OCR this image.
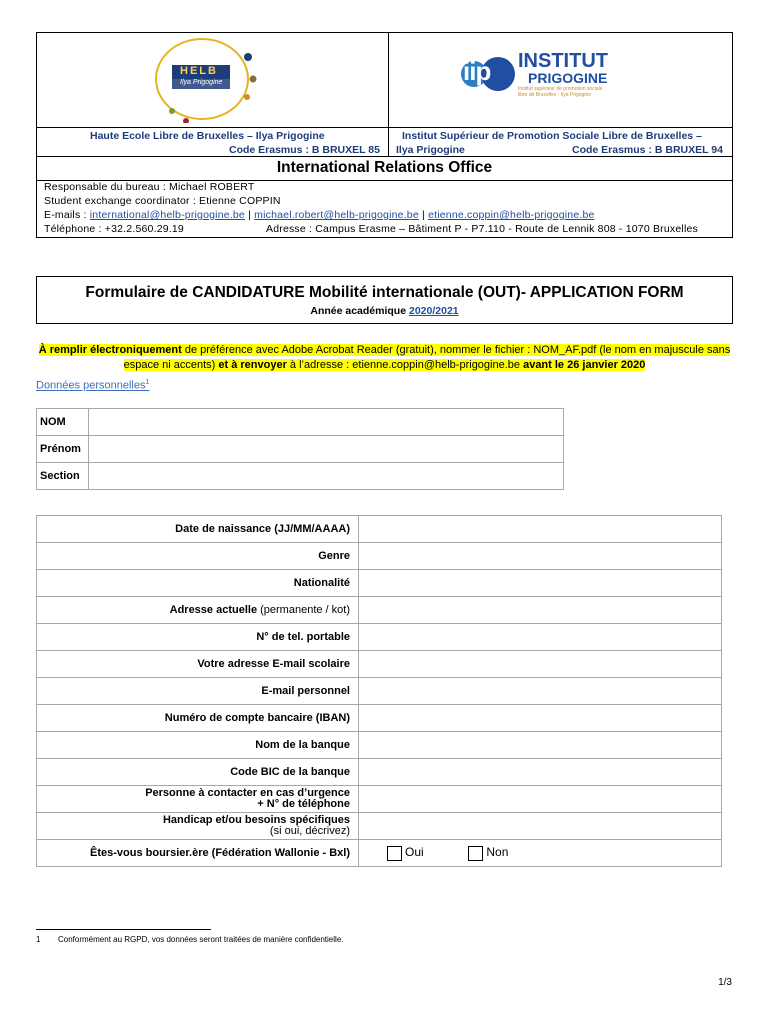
HELB
Ilya Prigogine	iip INSTITUT
PRIGOGINE
Institut supérieur de promotion sociale
libre de Bruxelles - Ilya Prigogine
Haute Ecole Libre de Bruxelles – Ilya Prigogine
Code Erasmus : B BRUXEL 85
Institut Supérieur de Promotion Sociale Libre de Bruxelles –
Ilya Prigogine	Code Erasmus : B BRUXEL 94
International Relations Office
Responsable du bureau : Michael ROBERT
Student exchange coordinator : Etienne COPPIN
E-mails : international@helb-prigogine.be | michael.robert@helb-prigogine.be | etienne.coppin@helb-prigogine.be
Téléphone : +32.2.560.29.19	Adresse : Campus Erasme – Bâtiment P - P7.110 - Route de Lennik 808 - 1070 Bruxelles
Formulaire de CANDIDATURE Mobilité internationale (OUT)- APPLICATION FORM
Année académique 2020/2021
À remplir électroniquement de préférence avec Adobe Acrobat Reader (gratuit), nommer le fichier : NOM_AF.pdf (le nom en majuscule sans espace ni accents) et à renvoyer à l’adresse : etienne.coppin@helb-prigogine.be avant le 26 janvier 2020
Données personnelles$^1$
NOM	
Prénom	
Section	
Date de naissance (JJ/MM/AAAA)	
Genre	
Nationalité	
Adresse actuelle (permanente / kot)	
N° de tel. portable	
Votre adresse E-mail scolaire	
E-mail personnel	
Numéro de compte bancaire (IBAN)	
Nom de la banque	
Code BIC de la banque	

Personne à contacter en cas d’urgence
+ N° de téléphone	

Handicap et/ou besoins spécifiques
(si oui, décrivez)	

Êtes-vous boursier.ère (Fédération Wallonie - Bxl)	Oui Non
1 Conformément au RGPD, vos données seront traitées de manière confidentielle.
1/3
